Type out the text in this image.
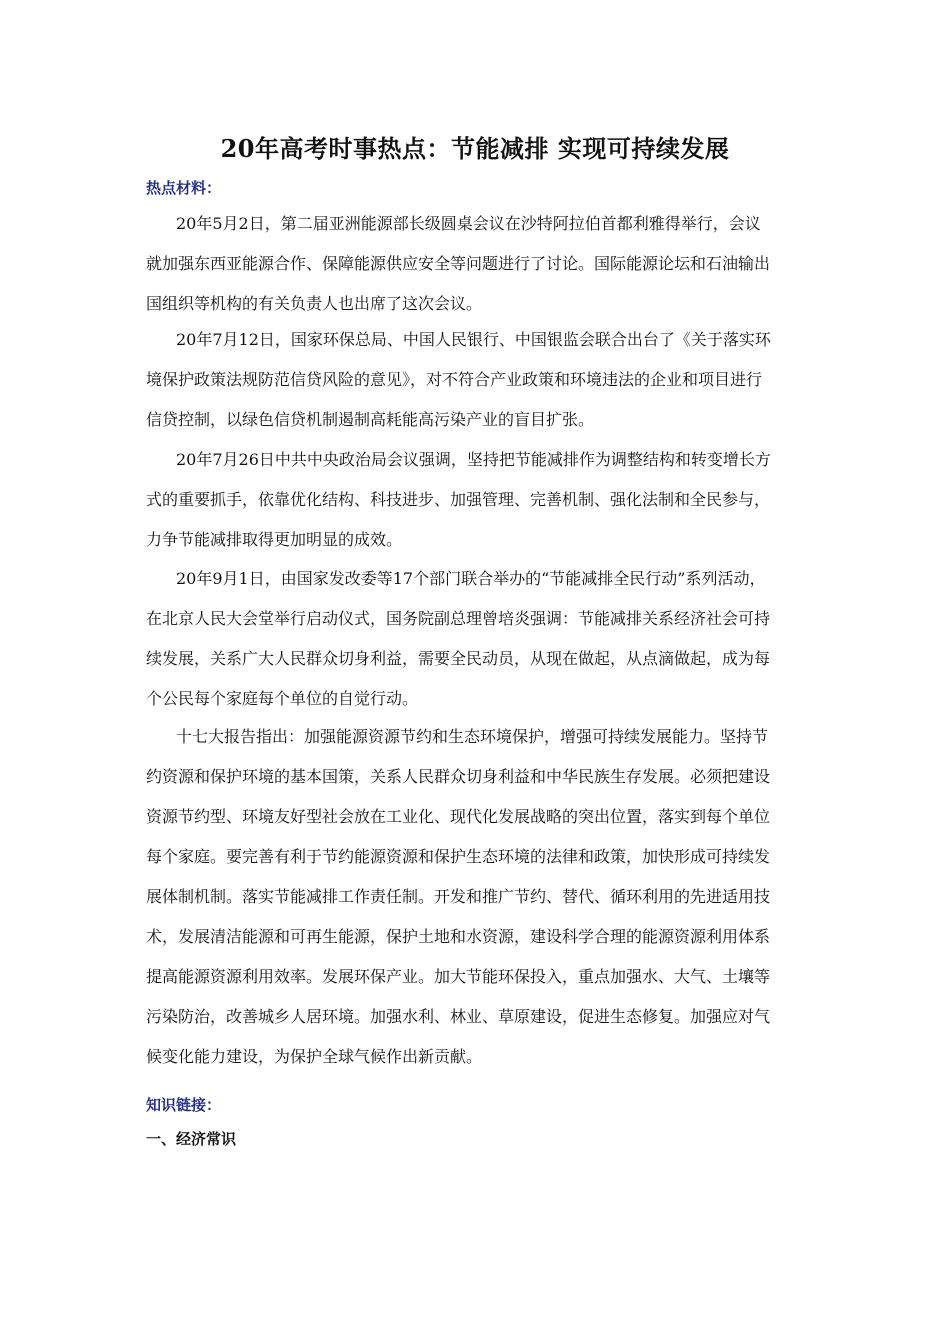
20年高考时事热点：节能减排 实现可持续发展
热点材料：
20年5月2日，第二届亚洲能源部长级圆桌会议在沙特阿拉伯首都利雅得举行，会议
就加强东西亚能源合作、保障能源供应安全等问题进行了讨论。国际能源论坛和石油输出
国组织等机构的有关负责人也出席了这次会议。
20年7月12日，国家环保总局、中国人民银行、中国银监会联合出台了《关于落实环
境保护政策法规防范信贷风险的意见》，对不符合产业政策和环境违法的企业和项目进行
信贷控制，以绿色信贷机制遏制高耗能高污染产业的盲目扩张。
20年7月26日中共中央政治局会议强调，坚持把节能减排作为调整结构和转变增长方
式的重要抓手，依靠优化结构、科技进步、加强管理、完善机制、强化法制和全民参与，
力争节能减排取得更加明显的成效。
20年9月1日，由国家发改委等17个部门联合举办的“节能减排全民行动”系列活动，
在北京人民大会堂举行启动仪式，国务院副总理曾培炎强调：节能减排关系经济社会可持
续发展，关系广大人民群众切身利益，需要全民动员，从现在做起，从点滴做起，成为每
个公民每个家庭每个单位的自觉行动。
十七大报告指出：加强能源资源节约和生态环境保护，增强可持续发展能力。坚持节
约资源和保护环境的基本国策，关系人民群众切身利益和中华民族生存发展。必须把建设
资源节约型、环境友好型社会放在工业化、现代化发展战略的突出位置，落实到每个单位
每个家庭。要完善有利于节约能源资源和保护生态环境的法律和政策，加快形成可持续发
展体制机制。落实节能减排工作责任制。开发和推广节约、替代、循环利用的先进适用技
术，发展清洁能源和可再生能源，保护土地和水资源，建设科学合理的能源资源利用体系
提高能源资源利用效率。发展环保产业。加大节能环保投入，重点加强水、大气、土壤等
污染防治，改善城乡人居环境。加强水利、林业、草原建设，促进生态修复。加强应对气
候变化能力建设，为保护全球气候作出新贡献。
知识链接：
一、经济常识
